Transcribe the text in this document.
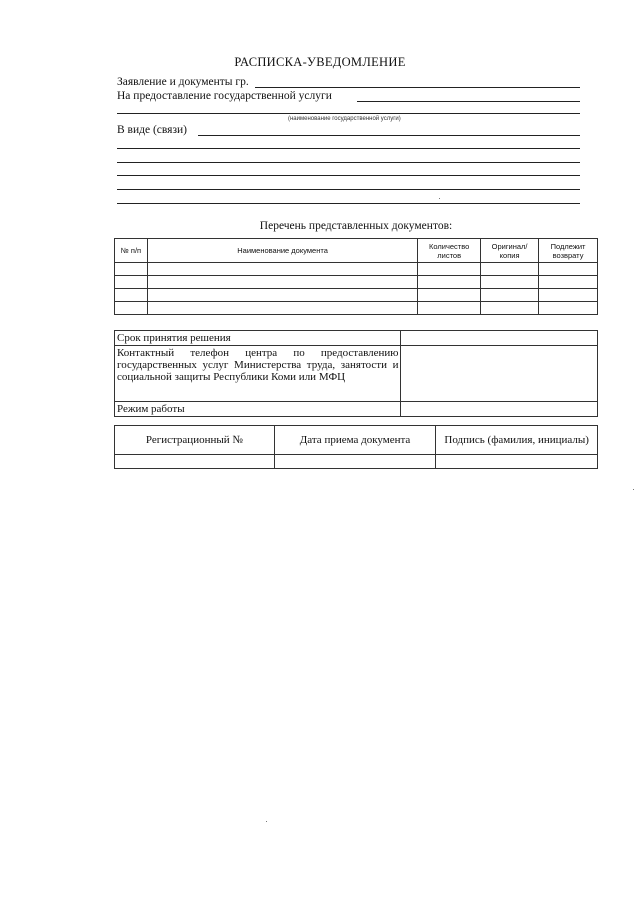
РАСПИСКА-УВЕДОМЛЕНИЕ
Заявление и документы гр.
На предоставление государственной услуги
(наименование государственной услуги)
В виде (связи)
Перечень представленных документов:
№ п/п	Наименование документа	Количество листов	Оригинал/ копия	Подлежит возврату

Срок принятия решения	
Контактный телефон центра по предоставлению государственных услуг Министерства труда, занятости и социальной защиты Республики Коми или МФЦ	
Режим работы	
Регистрационный №	Дата приема документа	Подпись (фамилия, инициалы)
